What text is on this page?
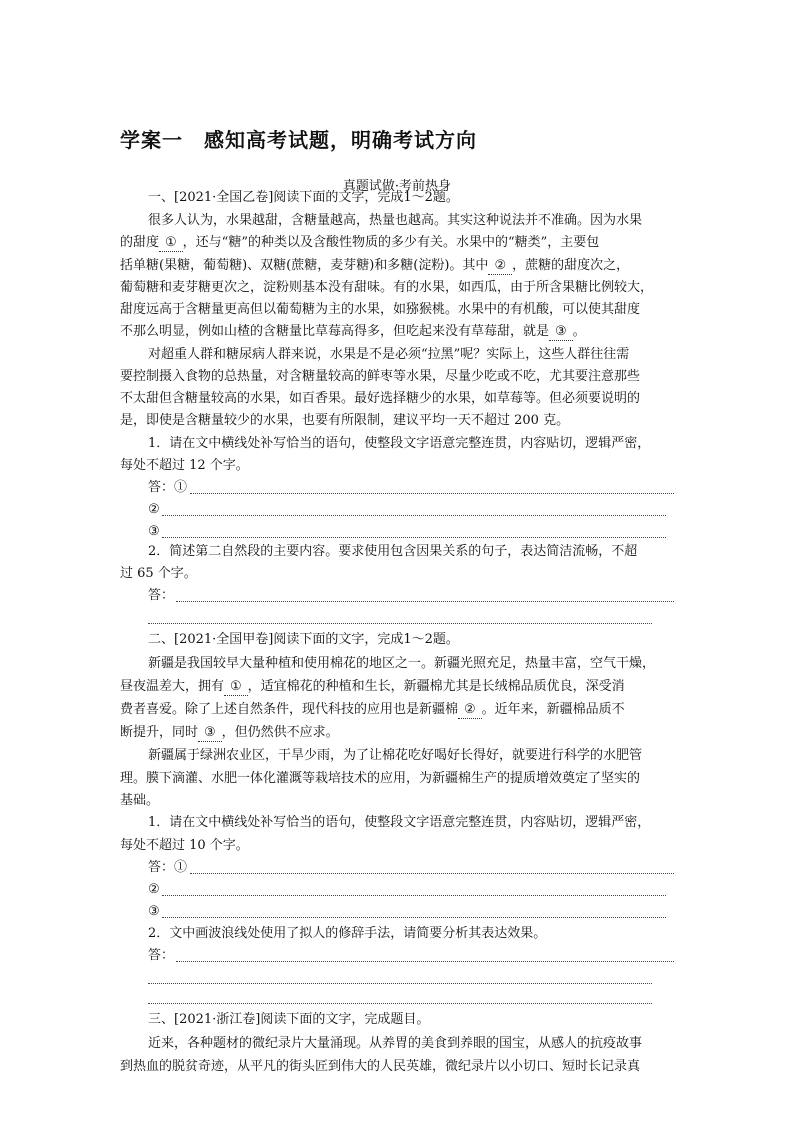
学案一　感知高考试题，明确考试方向
真题试做·考前热身
一、[2021·全国乙卷]阅读下面的文字，完成1～2题。
很多人认为，水果越甜，含糖量越高，热量也越高。其实这种说法并不准确。因为水果
的甜度 ① ，还与“糖”的种类以及含酸性物质的多少有关。水果中的“糖类”，主要包
括单糖(果糖，葡萄糖)、双糖(蔗糖，麦芽糖)和多糖(淀粉)。其中 ② ，蔗糖的甜度次之，
葡萄糖和麦芽糖更次之，淀粉则基本没有甜味。有的水果，如西瓜，由于所含果糖比例较大，
甜度远高于含糖量更高但以葡萄糖为主的水果，如猕猴桃。水果中的有机酸，可以使其甜度
不那么明显，例如山楂的含糖量比草莓高得多，但吃起来没有草莓甜，就是 ③ 。
对超重人群和糖尿病人群来说，水果是不是必须“拉黑”呢？实际上，这些人群往往需
要控制摄入食物的总热量，对含糖量较高的鲜枣等水果，尽量少吃或不吃，尤其要注意那些
不太甜但含糖量较高的水果，如百香果。最好选择糖少的水果，如草莓等。但必须要说明的
是，即使是含糖量较少的水果，也要有所限制，建议平均一天不超过 200 克。
1．请在文中横线处补写恰当的语句，使整段文字语意完整连贯，内容贴切，逻辑严密，
每处不超过 12 个字。
答：①
②
③
2．简述第二自然段的主要内容。要求使用包含因果关系的句子，表达简洁流畅，不超
过 65 个字。
答：
二、[2021·全国甲卷]阅读下面的文字，完成1～2题。
新疆是我国较早大量种植和使用棉花的地区之一。新疆光照充足，热量丰富，空气干燥，
昼夜温差大，拥有 ① ，适宜棉花的种植和生长，新疆棉尤其是长绒棉品质优良，深受消
费者喜爱。除了上述自然条件，现代科技的应用也是新疆棉 ② 。近年来，新疆棉品质不
断提升，同时 ③ ，但仍然供不应求。
新疆属于绿洲农业区，干旱少雨，为了让棉花吃好喝好长得好，就要进行科学的水肥管
理。膜下滴灌、水肥一体化灌溉等栽培技术的应用，为新疆棉生产的提质增效奠定了坚实的
基础。
1．请在文中横线处补写恰当的语句，使整段文字语意完整连贯，内容贴切，逻辑严密，
每处不超过 10 个字。
答：①
②
③
2．文中画波浪线处使用了拟人的修辞手法，请简要分析其表达效果。
答：
三、[2021·浙江卷]阅读下面的文字，完成题目。
近来，各种题材的微纪录片大量涌现。从养胃的美食到养眼的国宝，从感人的抗疫故事
到热血的脱贫奇迹，从平凡的街头匠到伟大的人民英雄，微纪录片以小切口、短时长记录真
